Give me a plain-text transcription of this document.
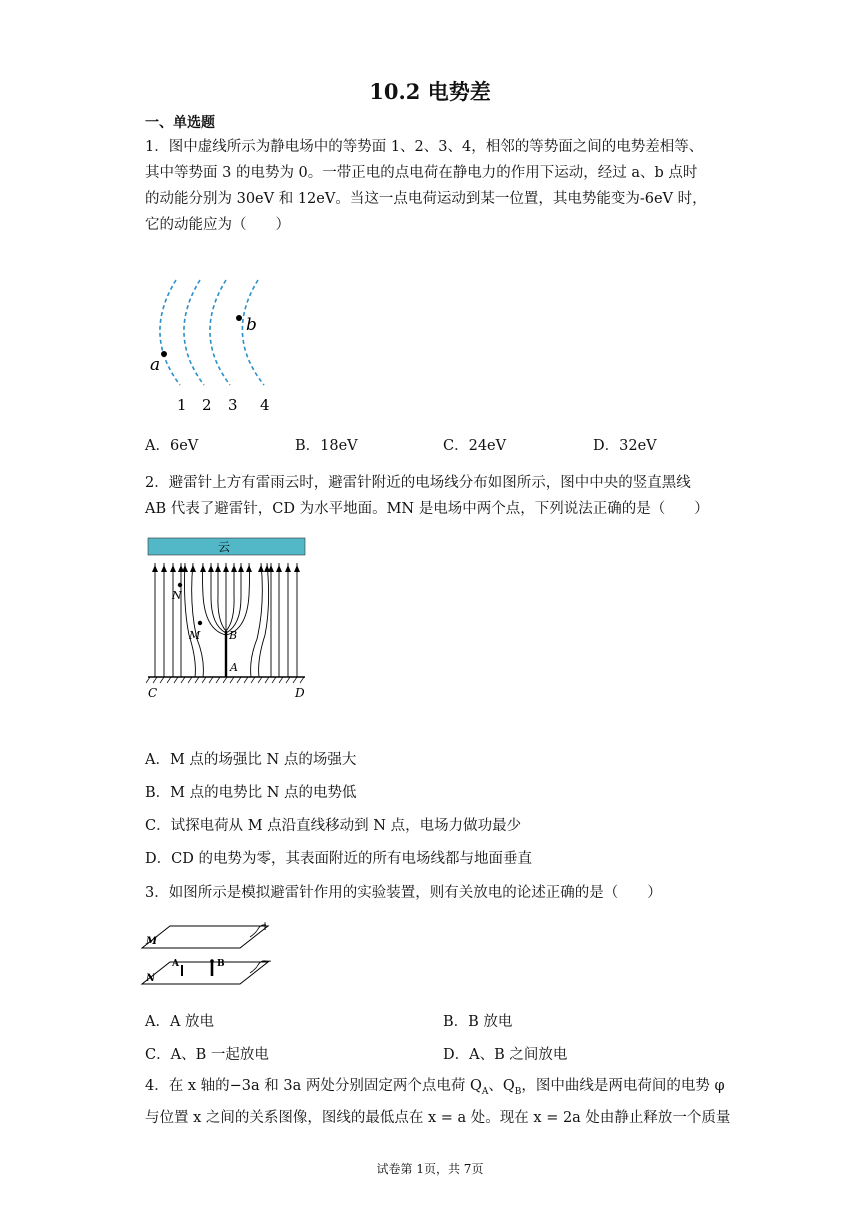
10.2 电势差
一、单选题
1．图中虚线所示为静电场中的等势面 1、2、3、4，相邻的等势面之间的电势差相等、
其中等势面 3 的电势为 0。一带正电的点电荷在静电力的作用下运动，经过 a、b 点时
的动能分别为 30eV 和 12eV。当这一点电荷运动到某一位置，其电势能变为-6eV 时，
它的动能应为（　　）
a
b
1 2 3 4
A．6eV	B．18eV	C．24eV	D．32eV
2．避雷针上方有雷雨云时，避雷针附近的电场线分布如图所示，图中中央的竖直黑线
AB 代表了避雷针，CD 为水平地面。MN 是电场中两个点，下列说法正确的是（　　）
云
N
M	B
A
C	D
A．M 点的场强比 N 点的场强大
B．M 点的电势比 N 点的电势低
C．试探电荷从 M 点沿直线移动到 N 点，电场力做功最少
D．CD 的电势为零，其表面附近的所有电场线都与地面垂直
3．如图所示是模拟避雷针作用的实验装置，则有关放电的论述正确的是（　　）
M
N
+
−
A	B
A．A 放电	B．B 放电
C．A、B 一起放电	D．A、B 之间放电
4．在 x 轴的−3a 和 3a 两处分别固定两个点电荷 $Q_A$、$Q_B$，图中曲线是两电荷间的电势 φ
与位置 x 之间的关系图像，图线的最低点在 x = a 处。现在 x = 2a 处由静止释放一个质量
试卷第 1页，共 7页
